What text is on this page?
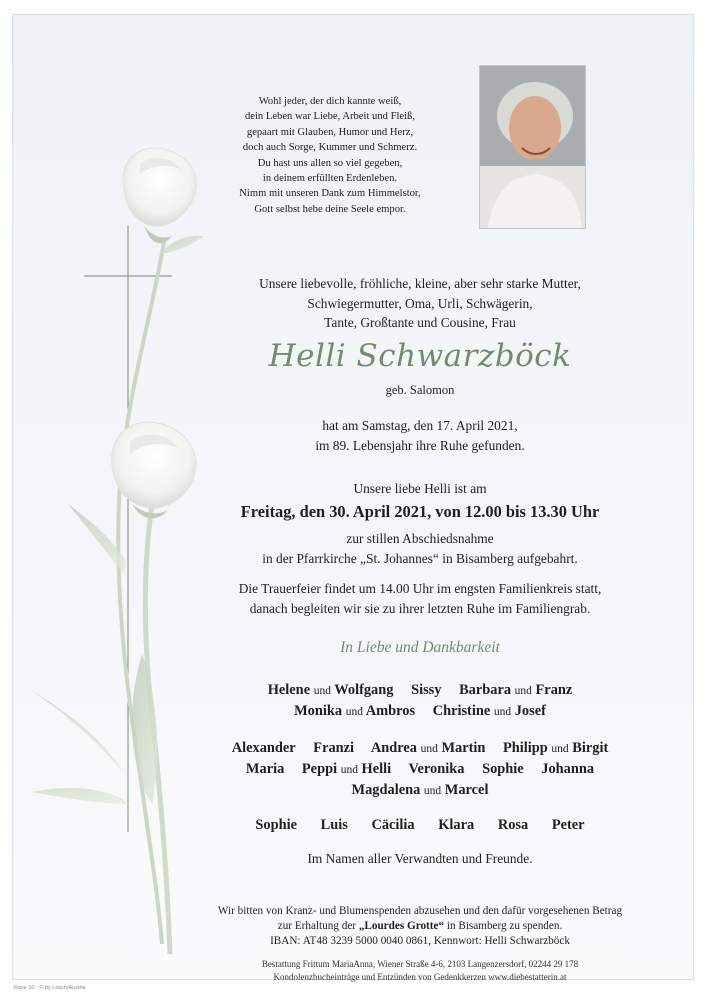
Wohl jeder, der dich kannte weiß,
dein Leben war Liebe, Arbeit und Fleiß,
gepaart mit Glauben, Humor und Herz,
doch auch Sorge, Kummer und Schmerz.
Du hast uns allen so viel gegeben,
in deinem erfüllten Erdenleben.
Nimm mit unseren Dank zum Himmelstor,
Gott selbst hebe deine Seele empor.
Unsere liebevolle, fröhliche, kleine, aber sehr starke Mutter,
Schwiegermutter, Oma, Urli, Schwägerin,
Tante, Großtante und Cousine, Frau
Helli Schwarzböck
geb. Salomon
hat am Samstag, den 17. April 2021,
im 89. Lebensjahr ihre Ruhe gefunden.
Unsere liebe Helli ist am
Freitag, den 30. April 2021, von 12.00 bis 13.30 Uhr
zur stillen Abschiedsnahme
in der Pfarrkirche „St. Johannes“ in Bisamberg aufgebahrt.
Die Trauerfeier findet um 14.00 Uhr im engsten Familienkreis statt,
danach begleiten wir sie zu ihrer letzten Ruhe im Familiengrab.
In Liebe und Dankbarkeit
Helene und Wolfgang Sissy Barbara und Franz
Monika und Ambros Christine und Josef
Alexander Franzi Andrea und Martin Philipp und Birgit
Maria Peppi und Helli Veronika Sophie Johanna
Magdalena und Marcel
Sophie Luis Cäcilia Klara Rosa Peter
Im Namen aller Verwandten und Freunde.
Wir bitten von Kranz- und Blumenspenden abzusehen und den dafür vorgesehenen Betrag
zur Erhaltung der „Lourdes Grotte“ in Bisamberg zu spenden.
IBAN: AT48 3239 5000 0040 0861, Kennwort: Helli Schwarzböck
Bestattung Frittum MariaAnna, Wiener Straße 4-6, 2103 Langenzersdorf, 02244 29 178
Kondolenzbucheinträge und Entzünden von Gedenkkerzen www.diebestatterin.at
Rose 10 - © by Lösch/Austria
